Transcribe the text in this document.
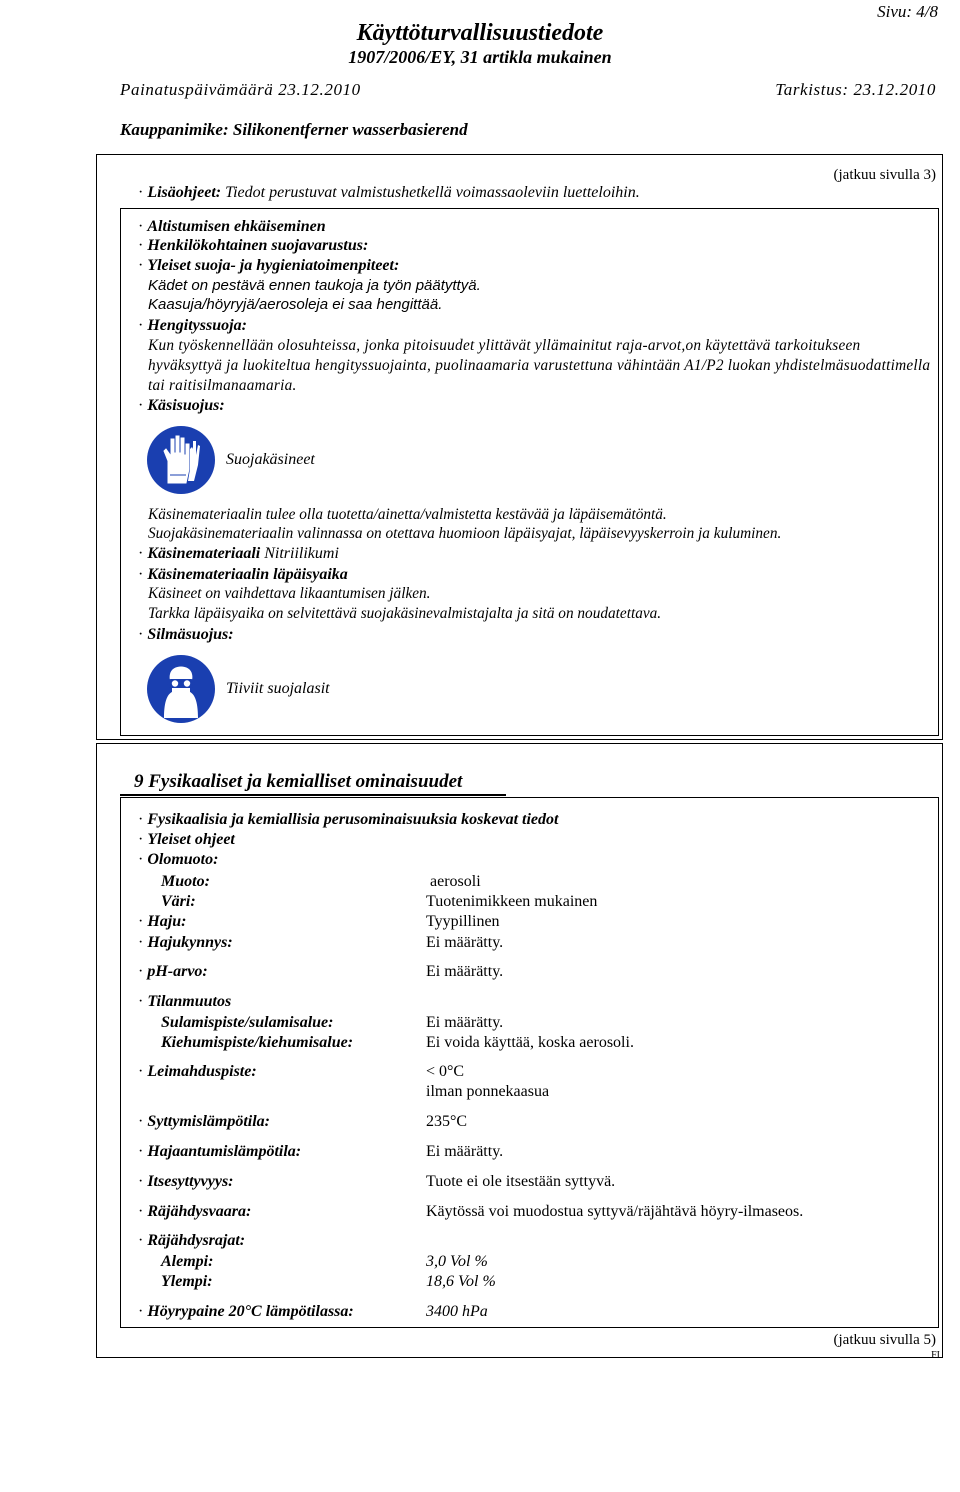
Sivu: 4/8
Käyttöturvallisuustiedote
1907/2006/EY, 31 artikla mukainen
Painatuspäivämäärä 23.12.2010	Tarkistus: 23.12.2010
Kauppanimike: Silikonentferner wasserbasierend
(jatkuu sivulla 3)
· Lisäohjeet: Tiedot perustuvat valmistushetkellä voimassaoleviin luetteloihin.
· Altistumisen ehkäiseminen
· Henkilökohtainen suojavarustus:
· Yleiset suoja- ja hygieniatoimenpiteet:
Kädet on pestävä ennen taukoja ja työn päätyttyä.
Kaasuja/höyryjä/aerosoleja ei saa hengittää.
· Hengityssuoja:
Kun työskennellään olosuhteissa, jonka pitoisuudet ylittävät yllämainitut raja-arvot,on käytettävä tarkoitukseen hyväksyttyä ja luokiteltua hengityssuojainta, puolinaamaria varustettuna vähintään A1/P2 luokan yhdistelmäsuodattimella tai raitisilmanaamaria.
· Käsisuojus:
Suojakäsineet
Käsinemateriaalin tulee olla tuotetta/ainetta/valmistetta kestävää ja läpäisemätöntä.
Suojakäsinemateriaalin valinnassa on otettava huomioon läpäisyajat, läpäisevyyskerroin ja kuluminen.
· Käsinemateriaali Nitriilikumi
· Käsinemateriaalin läpäisyaika
Käsineet on vaihdettava likaantumisen jälken.
Tarkka läpäisyaika on selvitettävä suojakäsinevalmistajalta ja sitä on noudatettava.
· Silmäsuojus:
Tiiviit suojalasit
9 Fysikaaliset ja kemialliset ominaisuudet
· Fysikaalisia ja kemiallisia perusominaisuuksia koskevat tiedot
· Yleiset ohjeet
· Olomuoto:
Muoto:	aerosoli
Väri:	Tuotenimikkeen mukainen
· Haju:	Tyypillinen
· Hajukynnys:	Ei määrätty.
· pH-arvo:	Ei määrätty.
· Tilanmuutos
Sulamispiste/sulamisalue:	Ei määrätty.
Kiehumispiste/kiehumisalue:	Ei voida käyttää, koska aerosoli.
· Leimahduspiste:	< 0°C
ilman ponnekaasua
· Syttymislämpötila:	235°C
· Hajaantumislämpötila:	Ei määrätty.
· Itsesyttyvyys:	Tuote ei ole itsestään syttyvä.
· Räjähdysvaara:	Käytössä voi muodostua syttyvä/räjähtävä höyry-ilmaseos.
· Räjähdysrajat:
Alempi:	3,0 Vol %
Ylempi:	18,6 Vol %
· Höyrypaine 20°C lämpötilassa:	3400 hPa
(jatkuu sivulla 5)
FI
